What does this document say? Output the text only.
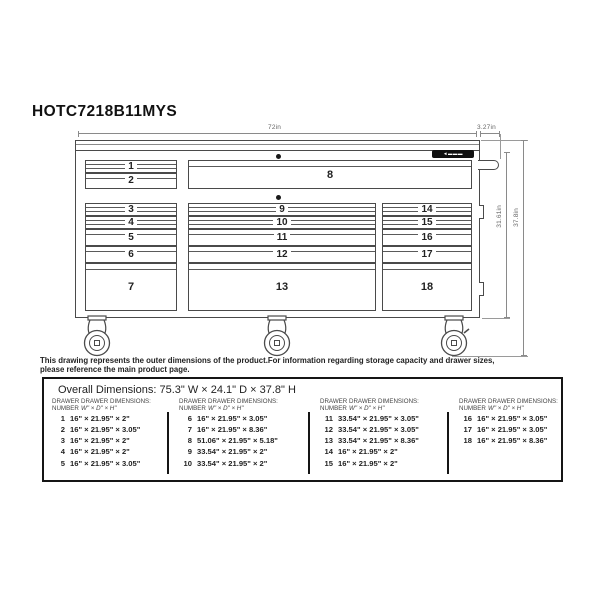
HOTC7218B11MYS
72in	3.27in
◄▬▬▬
1
2	8
3
4
5
6
7
9
10
11
12
13
14
15
16
17
18
31.61in 37.8in
This drawing represents the outer dimensions of the product.For information regarding storage capacity and drawer sizes,
please reference the main product page.
Overall Dimensions: 75.3" W × 24.1" D × 37.8" H
DRAWER
NUMBER
DRAWER DIMENSIONS:
W" × D" × H"
1 16" × 21.95" × 2"
2 16" × 21.95" × 3.05"
3 16" × 21.95" × 2"
4 16" × 21.95" × 2"
5 16" × 21.95" × 3.05"
DRAWER
NUMBER
DRAWER DIMENSIONS:
W" × D" × H"
6 16" × 21.95" × 3.05"
7 16" × 21.95" × 8.36"
8 51.06" × 21.95" × 5.18"
9 33.54" × 21.95" × 2"
10 33.54" × 21.95" × 2"
DRAWER
NUMBER
DRAWER DIMENSIONS:
W" × D" × H"
11 33.54" × 21.95" × 3.05"
12 33.54" × 21.95" × 3.05"
13 33.54" × 21.95" × 8.36"
14 16" × 21.95" × 2"
15 16" × 21.95" × 2"
DRAWER
NUMBER
DRAWER DIMENSIONS:
W" × D" × H"
16 16" × 21.95" × 3.05"
17 16" × 21.95" × 3.05"
18 16" × 21.95" × 8.36"
